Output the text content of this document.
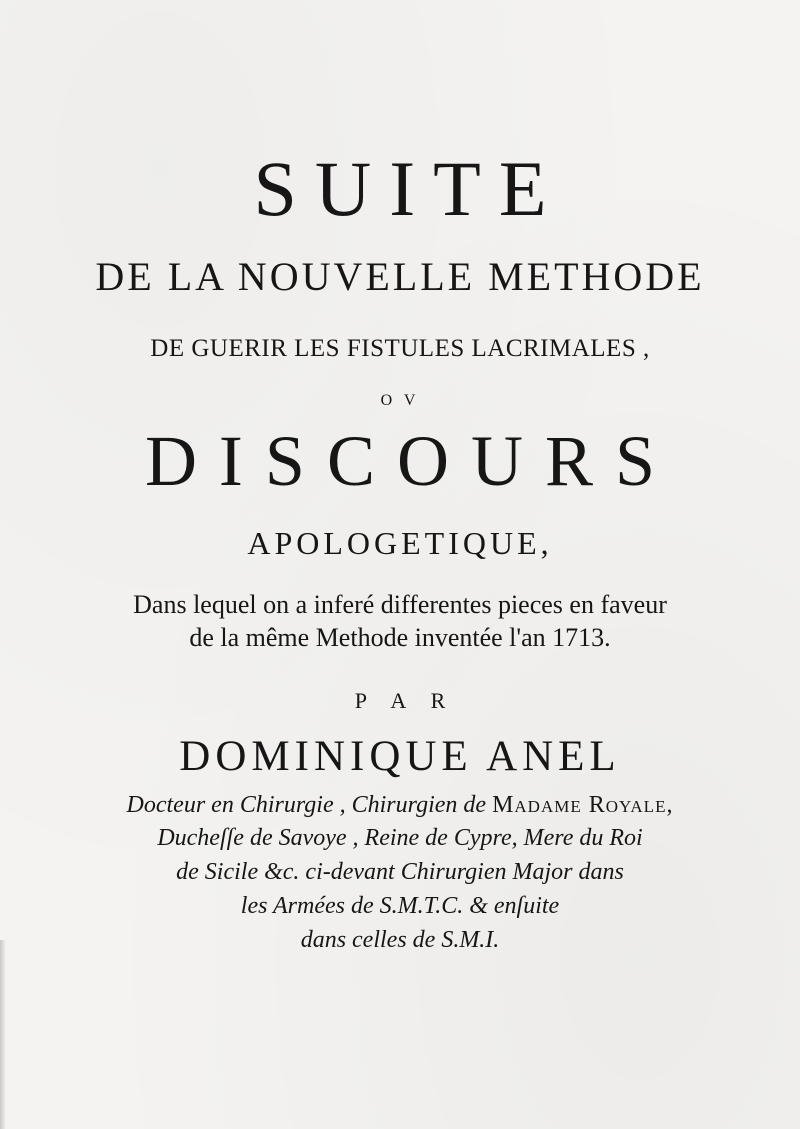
SUITE
DE LA NOUVELLE METHODE
DE GUERIR LES FISTULES LACRIMALES ,
O V
DISCOURS
APOLOGETIQUE,
Dans lequel on a inferé differentes pieces en faveur
de la même Methode inventée l'an 1713.
P A R
DOMINIQUE ANEL
Docteur en Chirurgie , Chirurgien de Madame Royale,
Ducheſſe de Savoye , Reine de Cypre, Mere du Roi
de Sicile &c. ci-devant Chirurgien Major dans
les Armées de S.M.T.C. & enſuite
dans celles de S.M.I.
